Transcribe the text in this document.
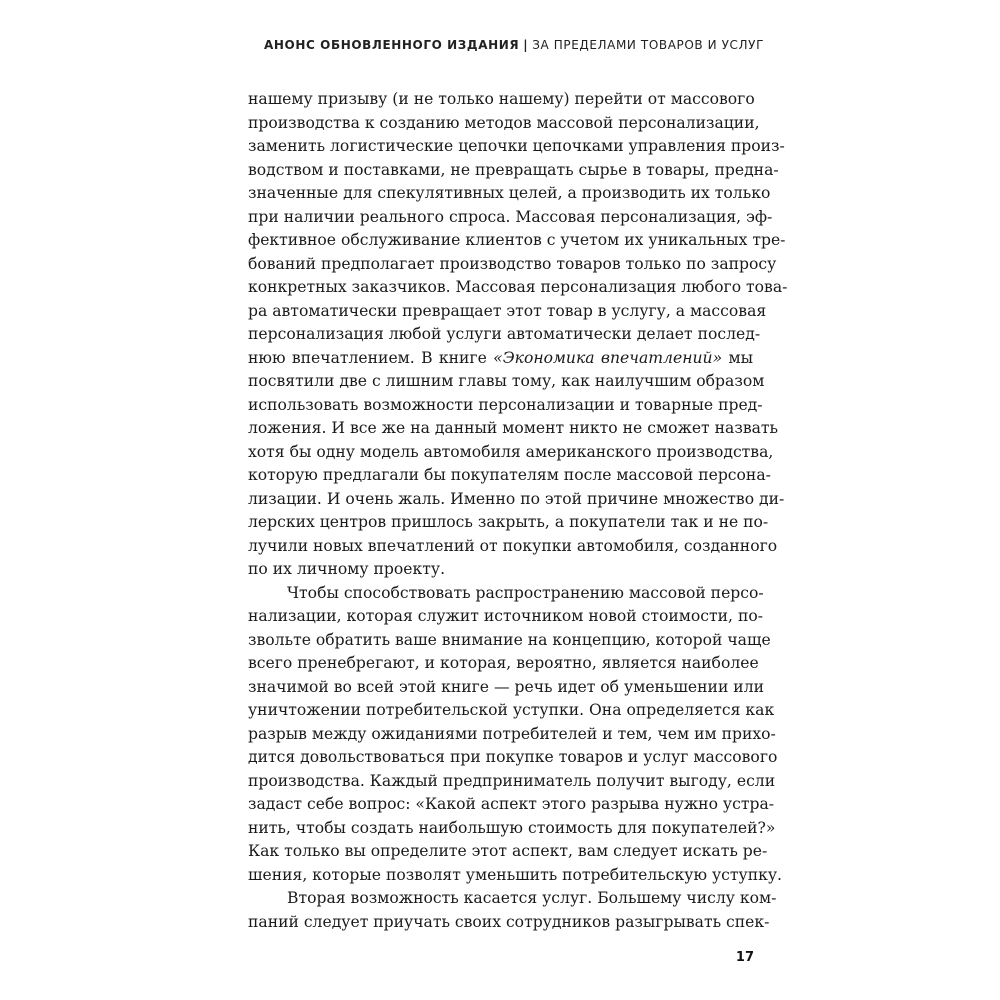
АНОНС ОБНОВЛЕННОГО ИЗДАНИЯ | ЗА ПРЕДЕЛАМИ ТОВАРОВ И УСЛУГ
нашему призыву (и не только нашему) перейти от массового
производства к созданию методов массовой персонализации,
заменить логистические цепочки цепочками управления произ-
водством и поставками, не превращать сырье в товары, предна-
значенные для спекулятивных целей, а производить их только
при наличии реального спроса. Массовая персонализация, эф-
фективное обслуживание клиентов с учетом их уникальных тре-
бований предполагает производство товаров только по запросу
конкретных заказчиков. Массовая персонализация любого това-
ра автоматически превращает этот товар в услугу, а массовая
персонализация любой услуги автоматически делает послед-
нюю впечатлением. В книге «Экономика впечатлений» мы
посвятили две с лишним главы тому, как наилучшим образом
использовать возможности персонализации и товарные пред-
ложения. И все же на данный момент никто не сможет назвать
хотя бы одну модель автомобиля американского производства,
которую предлагали бы покупателям после массовой персона-
лизации. И очень жаль. Именно по этой причине множество ди-
лерских центров пришлось закрыть, а покупатели так и не по-
лучили новых впечатлений от покупки автомобиля, созданного
по их личному проекту.
Чтобы способствовать распространению массовой персо-
нализации, которая служит источником новой стоимости, по-
звольте обратить ваше внимание на концепцию, которой чаще
всего пренебрегают, и которая, вероятно, является наиболее
значимой во всей этой книге — речь идет об уменьшении или
уничтожении потребительской уступки. Она определяется как
разрыв между ожиданиями потребителей и тем, чем им прихо-
дится довольствоваться при покупке товаров и услуг массового
производства. Каждый предприниматель получит выгоду, если
задаст себе вопрос: «Какой аспект этого разрыва нужно устра-
нить, чтобы создать наибольшую стоимость для покупателей?»
Как только вы определите этот аспект, вам следует искать ре-
шения, которые позволят уменьшить потребительскую уступку.
Вторая возможность касается услуг. Большему числу ком-
паний следует приучать своих сотрудников разыгрывать спек-
17
